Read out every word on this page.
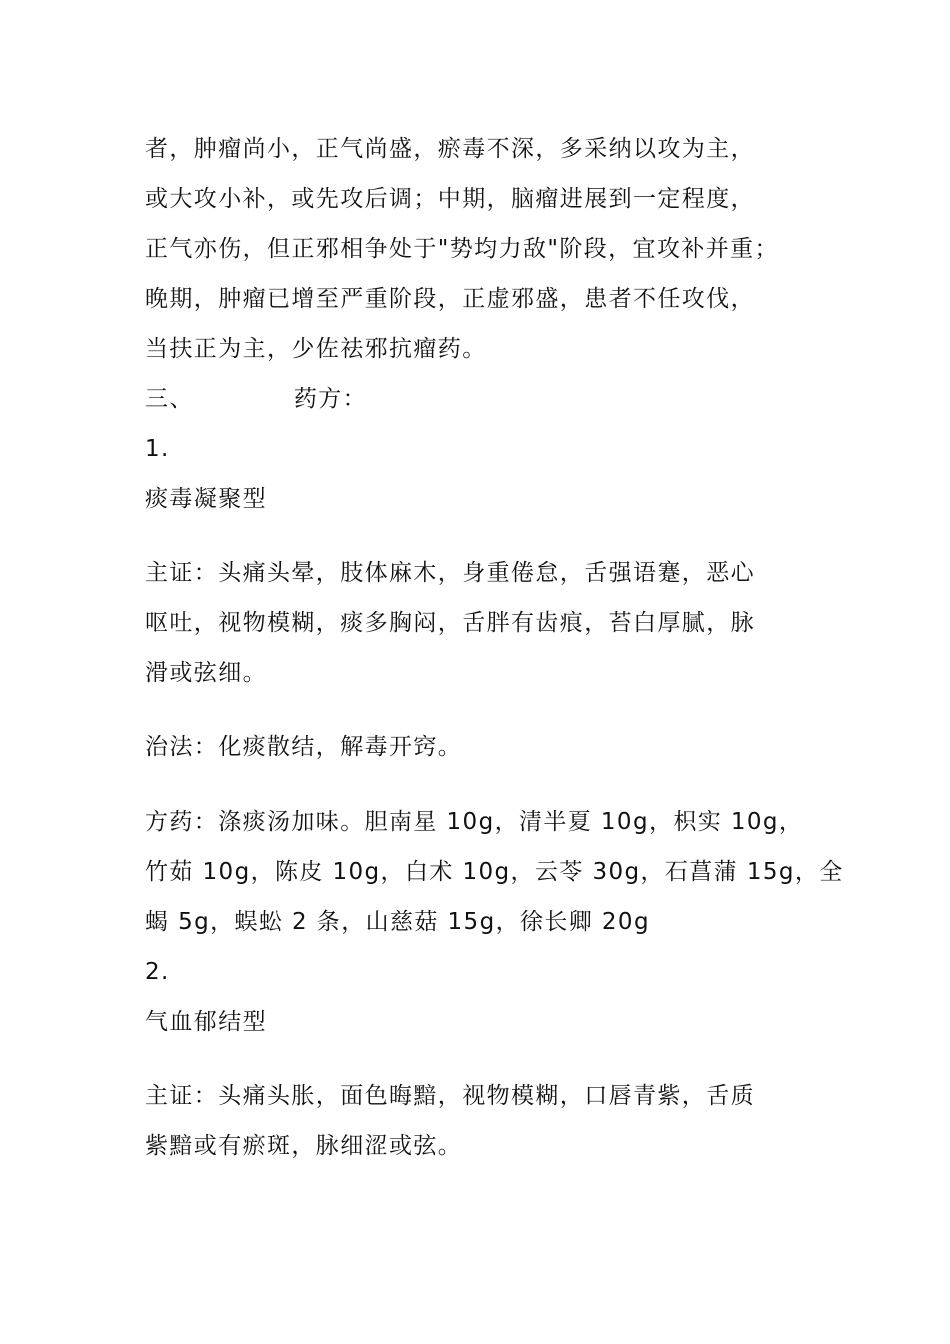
者，肿瘤尚小，正气尚盛，瘀毒不深，多采纳以攻为主，
或大攻小补，或先攻后调；中期，脑瘤进展到一定程度，
正气亦伤，但正邪相争处于"势均力敌"阶段，宜攻补并重；
晚期，肿瘤已增至严重阶段，正虚邪盛，患者不任攻伐，
当扶正为主，少佐祛邪抗瘤药。
三、	药方：
1.
痰毒凝聚型
主证：头痛头晕，肢体麻木，身重倦怠，舌强语蹇，恶心
呕吐，视物模糊，痰多胸闷，舌胖有齿痕，苔白厚腻，脉
滑或弦细。
治法：化痰散结，解毒开窍。
方药：涤痰汤加味。胆南星 10g，清半夏 10g，枳实 10g，
竹茹 10g，陈皮 10g，白术 10g，云苓 30g，石菖蒲 15g，全
蝎 5g，蜈蚣 2 条，山慈菇 15g，徐长卿 20g
2.
气血郁结型
主证：头痛头胀，面色晦黯，视物模糊，口唇青紫，舌质
紫黯或有瘀斑，脉细涩或弦。
